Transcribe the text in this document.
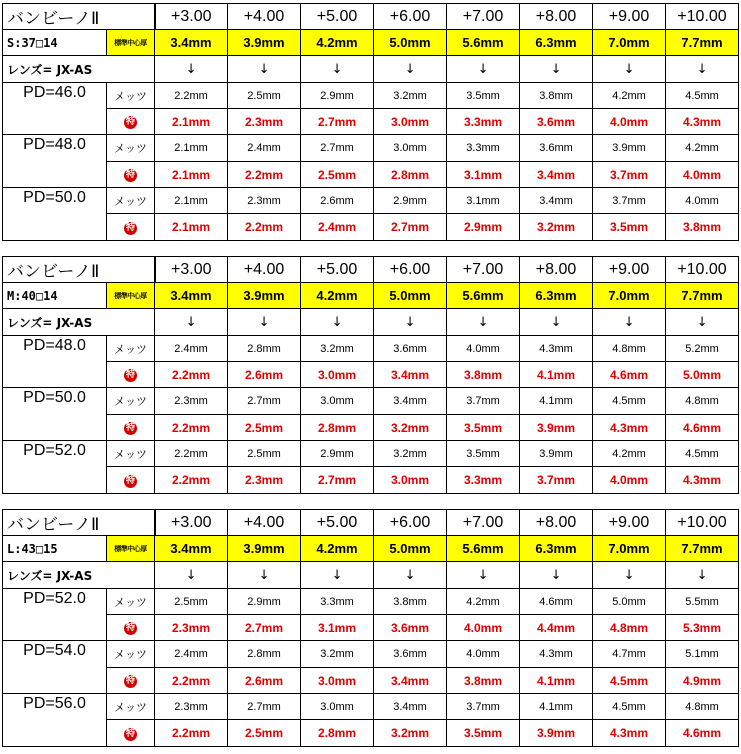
バンビーノⅡ		+3.00	+4.00	+5.00	+6.00	+7.00	+8.00	+9.00	+10.00
S:37□14	標準中心厚	3.4mm	3.9mm	4.2mm	5.0mm	5.6mm	6.3mm	7.0mm	7.7mm
レンズ= JX-AS		↓	↓	↓	↓	↓	↓	↓	↓
PD=46.0	メッツ	2.2mm	2.5mm	2.9mm	3.2mm	3.5mm	3.8mm	4.2mm	4.5mm
	特	2.1mm	2.3mm	2.7mm	3.0mm	3.3mm	3.6mm	4.0mm	4.3mm
PD=48.0	メッツ	2.1mm	2.4mm	2.7mm	3.0mm	3.3mm	3.6mm	3.9mm	4.2mm
	特	2.1mm	2.2mm	2.5mm	2.8mm	3.1mm	3.4mm	3.7mm	4.0mm
PD=50.0	メッツ	2.1mm	2.3mm	2.6mm	2.9mm	3.1mm	3.4mm	3.7mm	4.0mm
	特	2.1mm	2.2mm	2.4mm	2.7mm	2.9mm	3.2mm	3.5mm	3.8mm
バンビーノⅡ		+3.00	+4.00	+5.00	+6.00	+7.00	+8.00	+9.00	+10.00
M:40□14	標準中心厚	3.4mm	3.9mm	4.2mm	5.0mm	5.6mm	6.3mm	7.0mm	7.7mm
レンズ= JX-AS		↓	↓	↓	↓	↓	↓	↓	↓
PD=48.0	メッツ	2.4mm	2.8mm	3.2mm	3.6mm	4.0mm	4.3mm	4.8mm	5.2mm
	特	2.2mm	2.6mm	3.0mm	3.4mm	3.8mm	4.1mm	4.6mm	5.0mm
PD=50.0	メッツ	2.3mm	2.7mm	3.0mm	3.4mm	3.7mm	4.1mm	4.5mm	4.8mm
	特	2.2mm	2.5mm	2.8mm	3.2mm	3.5mm	3.9mm	4.3mm	4.6mm
PD=52.0	メッツ	2.2mm	2.5mm	2.9mm	3.2mm	3.5mm	3.9mm	4.2mm	4.5mm
	特	2.2mm	2.3mm	2.7mm	3.0mm	3.3mm	3.7mm	4.0mm	4.3mm
バンビーノⅡ		+3.00	+4.00	+5.00	+6.00	+7.00	+8.00	+9.00	+10.00
L:43□15	標準中心厚	3.4mm	3.9mm	4.2mm	5.0mm	5.6mm	6.3mm	7.0mm	7.7mm
レンズ= JX-AS		↓	↓	↓	↓	↓	↓	↓	↓
PD=52.0	メッツ	2.5mm	2.9mm	3.3mm	3.8mm	4.2mm	4.6mm	5.0mm	5.5mm
	特	2.3mm	2.7mm	3.1mm	3.6mm	4.0mm	4.4mm	4.8mm	5.3mm
PD=54.0	メッツ	2.4mm	2.8mm	3.2mm	3.6mm	4.0mm	4.3mm	4.7mm	5.1mm
	特	2.2mm	2.6mm	3.0mm	3.4mm	3.8mm	4.1mm	4.5mm	4.9mm
PD=56.0	メッツ	2.3mm	2.7mm	3.0mm	3.4mm	3.7mm	4.1mm	4.5mm	4.8mm
	特	2.2mm	2.5mm	2.8mm	3.2mm	3.5mm	3.9mm	4.3mm	4.6mm
